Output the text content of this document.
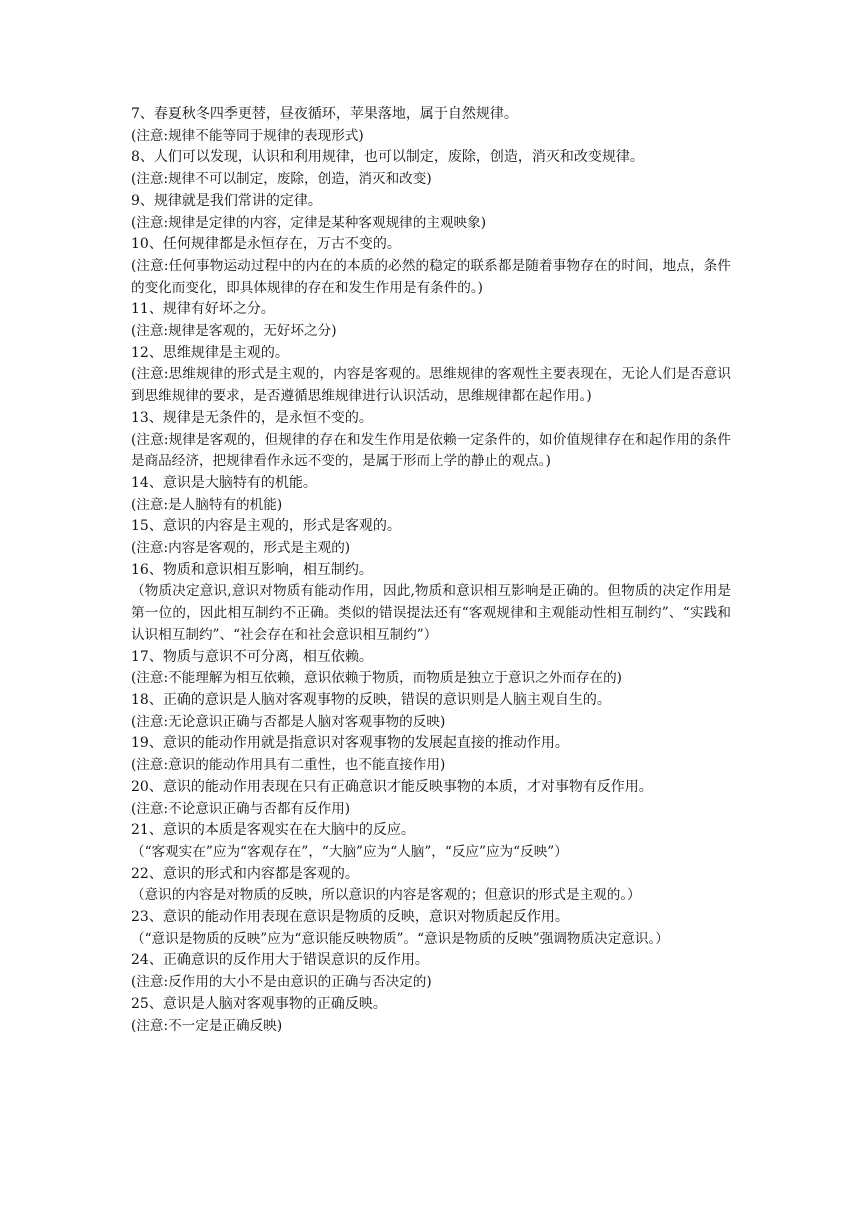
7、春夏秋冬四季更替，昼夜循环，苹果落地，属于自然规律。

(注意:规律不能等同于规律的表现形式)

8、人们可以发现，认识和利用规律，也可以制定，废除，创造，消灭和改变规律。

(注意:规律不可以制定，废除，创造，消灭和改变)

9、规律就是我们常讲的定律。

(注意:规律是定律的内容，定律是某种客观规律的主观映象)

10、任何规律都是永恒存在，万古不变的。

(注意:任何事物运动过程中的内在的本质的必然的稳定的联系都是随着事物存在的时间，地点，条件的变化而变化，即具体规律的存在和发生作用是有条件的。)

11、规律有好坏之分。

(注意:规律是客观的，无好坏之分)

12、思维规律是主观的。

(注意:思维规律的形式是主观的，内容是客观的。思维规律的客观性主要表现在，无论人们是否意识到思维规律的要求，是否遵循思维规律进行认识活动，思维规律都在起作用。)

13、规律是无条件的，是永恒不变的。

(注意:规律是客观的，但规律的存在和发生作用是依赖一定条件的，如价值规律存在和起作用的条件是商品经济，把规律看作永远不变的，是属于形而上学的静止的观点。)

14、意识是大脑特有的机能。

(注意:是人脑特有的机能)

15、意识的内容是主观的，形式是客观的。

(注意:内容是客观的，形式是主观的)

16、物质和意识相互影响，相互制约。

（物质决定意识,意识对物质有能动作用，因此,物质和意识相互影响是正确的。但物质的决定作用是第一位的，因此相互制约不正确。类似的错误提法还有“客观规律和主观能动性相互制约”、“实践和认识相互制约”、“社会存在和社会意识相互制约”）

17、物质与意识不可分离，相互依赖。

(注意:不能理解为相互依赖，意识依赖于物质，而物质是独立于意识之外而存在的)

18、正确的意识是人脑对客观事物的反映，错误的意识则是人脑主观自生的。

(注意:无论意识正确与否都是人脑对客观事物的反映)

19、意识的能动作用就是指意识对客观事物的发展起直接的推动作用。

(注意:意识的能动作用具有二重性，也不能直接作用)

20、意识的能动作用表现在只有正确意识才能反映事物的本质，才对事物有反作用。

(注意:不论意识正确与否都有反作用)

21、意识的本质是客观实在在大脑中的反应。

（“客观实在”应为“客观存在”，“大脑”应为“人脑”，“反应”应为“反映”）

22、意识的形式和内容都是客观的。

（意识的内容是对物质的反映，所以意识的内容是客观的；但意识的形式是主观的。）

23、意识的能动作用表现在意识是物质的反映，意识对物质起反作用。

（“意识是物质的反映”应为“意识能反映物质”。“意识是物质的反映”强调物质决定意识。）

24、正确意识的反作用大于错误意识的反作用。

(注意:反作用的大小不是由意识的正确与否决定的)

25、意识是人脑对客观事物的正确反映。

(注意:不一定是正确反映)
